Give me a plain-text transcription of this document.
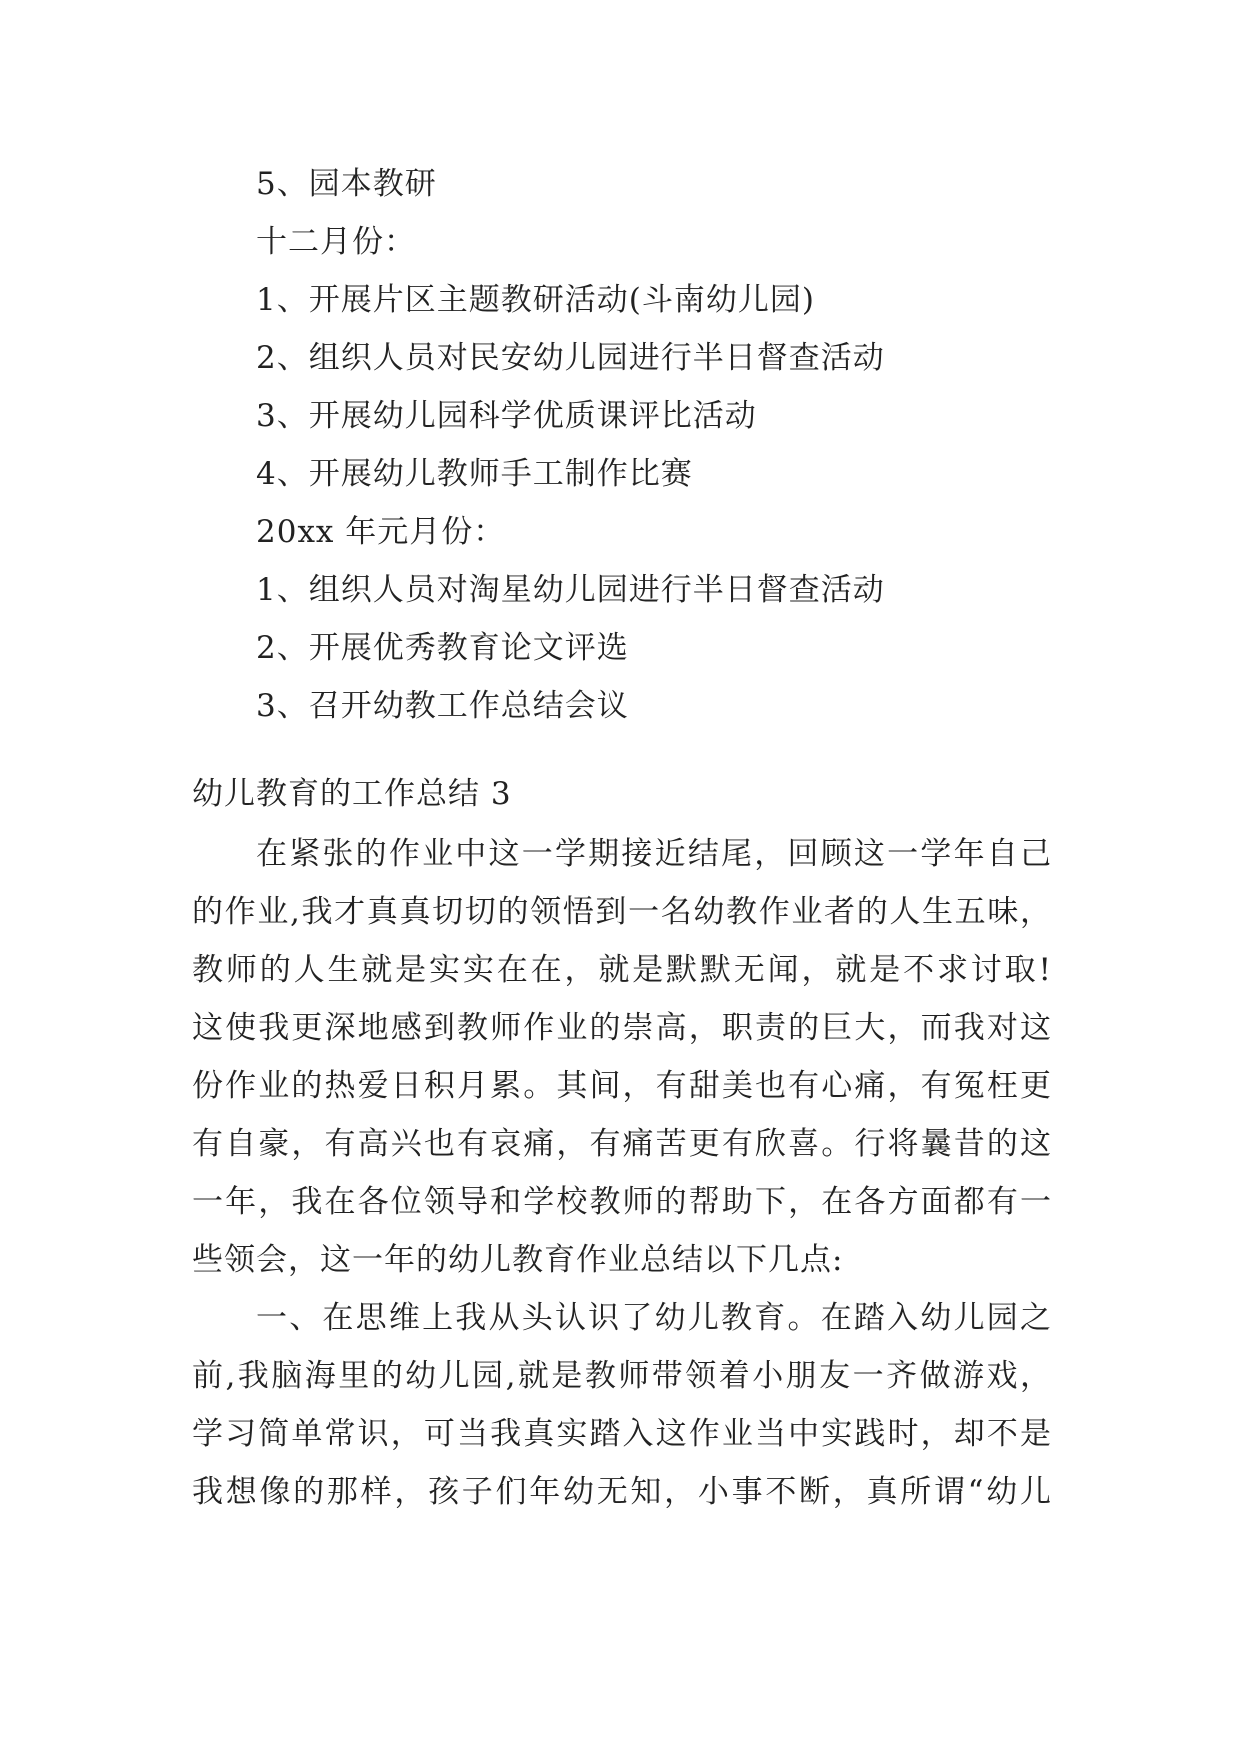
5、园本教研
十二月份：
1、开展片区主题教研活动(斗南幼儿园)
2、组织人员对民安幼儿园进行半日督查活动
3、开展幼儿园科学优质课评比活动
4、开展幼儿教师手工制作比赛
20xx 年元月份：
1、组织人员对淘星幼儿园进行半日督查活动
2、开展优秀教育论文评选
3、召开幼教工作总结会议
幼儿教育的工作总结 3
在紧张的作业中这一学期接近结尾，回顾这一学年自己
的作业,我才真真切切的领悟到一名幼教作业者的人生五味，
教师的人生就是实实在在，就是默默无闻，就是不求讨取!
这使我更深地感到教师作业的崇高，职责的巨大，而我对这
份作业的热爱日积月累。其间，有甜美也有心痛，有冤枉更
有自豪，有高兴也有哀痛，有痛苦更有欣喜。行将曩昔的这
一年，我在各位领导和学校教师的帮助下，在各方面都有一
些领会，这一年的幼儿教育作业总结以下几点:
一、在思维上我从头认识了幼儿教育。在踏入幼儿园之
前,我脑海里的幼儿园,就是教师带领着小朋友一齐做游戏，
学习简单常识，可当我真实踏入这作业当中实践时，却不是
我想像的那样，孩子们年幼无知，小事不断，真所谓“幼儿
